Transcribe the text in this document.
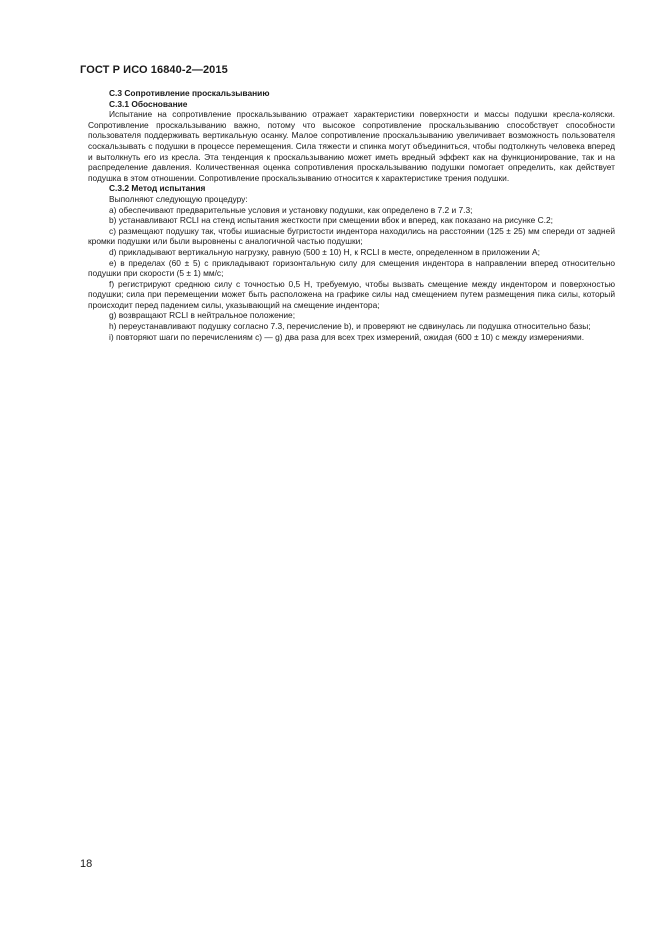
ГОСТ Р ИСО 16840-2—2015

С.3 Сопротивление проскальзыванию

С.3.1 Обоснование

Испытание на сопротивление проскальзыванию отражает характеристики поверхности и массы подушки кресла-коляски. Сопротивление проскальзыванию важно, потому что высокое сопротивление проскальзыванию способствует способности пользователя поддерживать вертикальную осанку. Малое сопротивление проскальзыванию увеличивает возможность пользователя соскальзывать с подушки в процессе перемещения. Сила тяжести и спинка могут объединиться, чтобы подтолкнуть человека вперед и вытолкнуть его из кресла. Эта тенденция к проскальзыванию может иметь вредный эффект как на функционирование, так и на распределение давления. Количественная оценка сопротивления проскальзыванию подушки помогает определить, как действует подушка в этом отношении. Сопротивление проскальзыванию относится к характеристике трения подушки.

С.3.2 Метод испытания

Выполняют следующую процедуру:

a) обеспечивают предварительные условия и установку подушки, как определено в 7.2 и 7.3;

b) устанавливают RCLI на стенд испытания жесткости при смещении вбок и вперед, как показано на рисунке С.2;

c) размещают подушку так, чтобы ишиасные бугристости индентора находились на расстоянии (125 ± 25) мм спереди от задней кромки подушки или были выровнены с аналогичной частью подушки;

d) прикладывают вертикальную нагрузку, равную (500 ± 10) Н, к RCLI в месте, определенном в приложении А;

e) в пределах (60 ± 5) с прикладывают горизонтальную силу для смещения индентора в направлении вперед относительно подушки при скорости (5 ± 1) мм/с;

f) регистрируют среднюю силу с точностью 0,5 Н, требуемую, чтобы вызвать смещение между индентором и поверхностью подушки; сила при перемещении может быть расположена на графике силы над смещением путем размещения пика силы, который происходит перед падением силы, указывающий на смещение индентора;

g) возвращают RCLI в нейтральное положение;

h) переустанавливают подушку согласно 7.3, перечисление b), и проверяют не сдвинулась ли подушка относительно базы;

i) повторяют шаги по перечислениям c) — g) два раза для всех трех измерений, ожидая (600 ± 10) с между измерениями.

18
